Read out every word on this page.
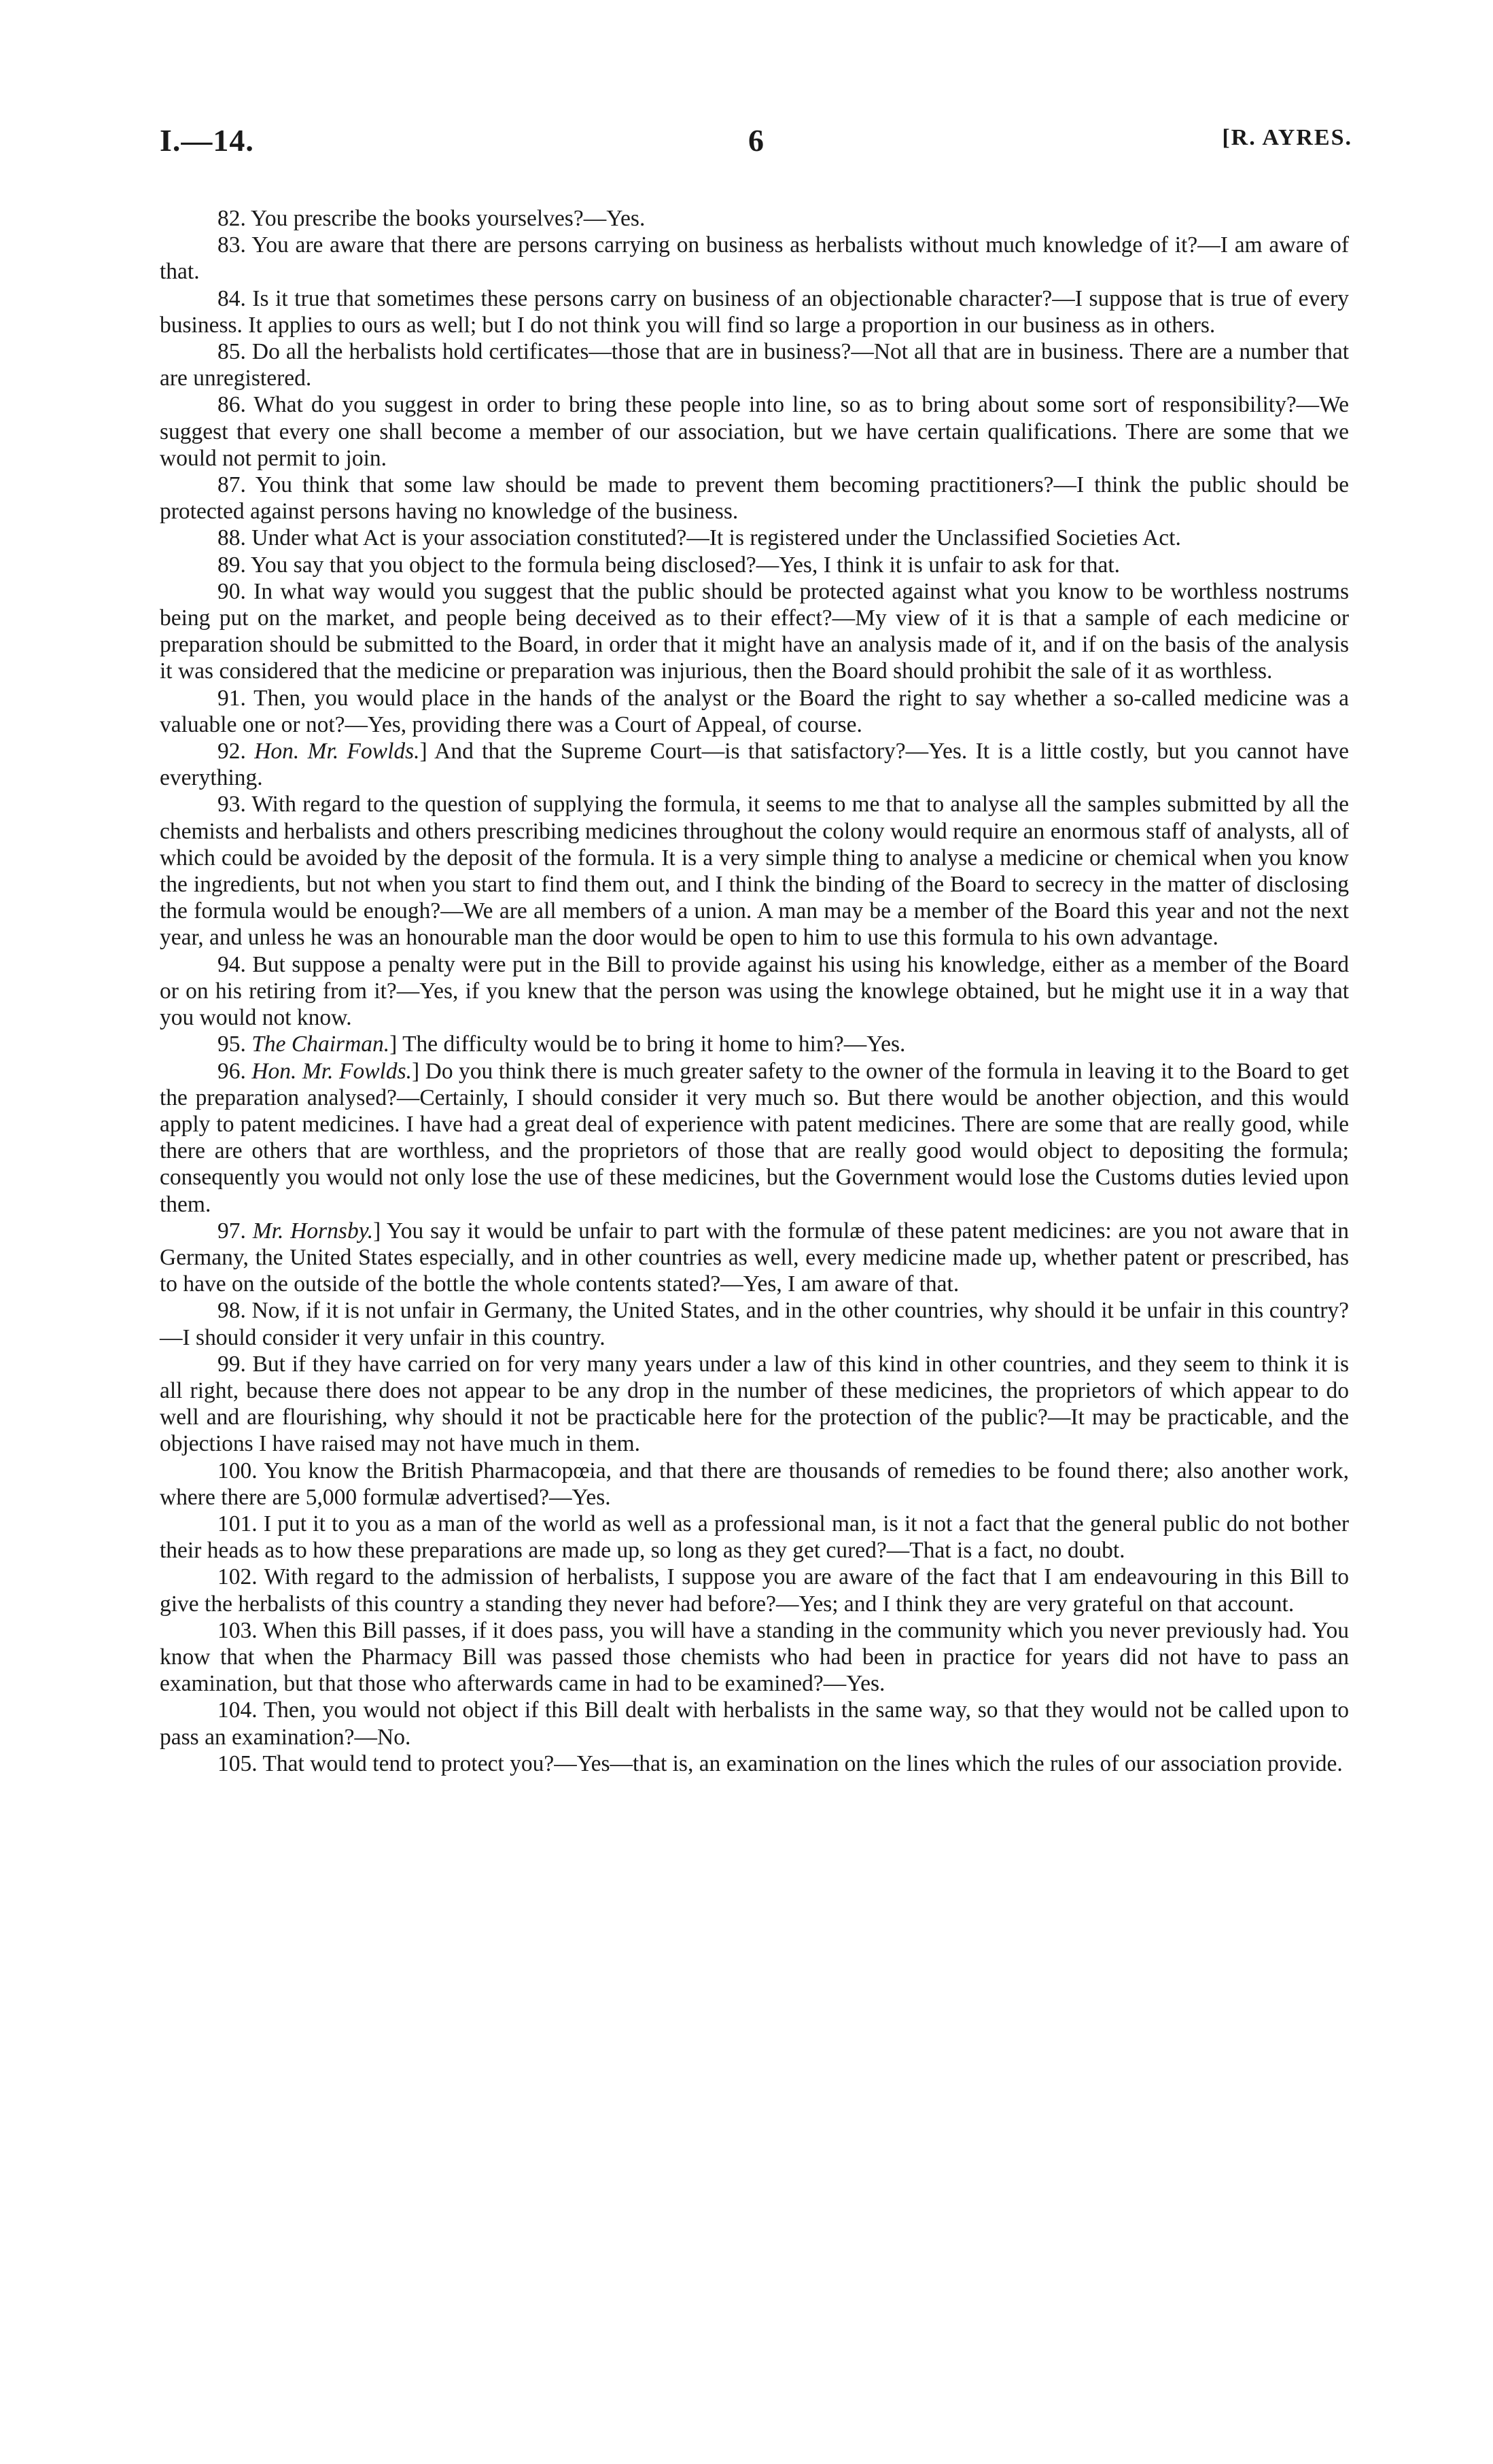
I.—14.	6	[R. AYRES.

82. You prescribe the books yourselves?—Yes.

83. You are aware that there are persons carrying on business as herbalists without much knowledge of it?—I am aware of that.

84. Is it true that sometimes these persons carry on business of an objectionable character?—I suppose that is true of every business. It applies to ours as well; but I do not think you will find so large a proportion in our business as in others.

85. Do all the herbalists hold certificates—those that are in business?—Not all that are in business. There are a number that are unregistered.

86. What do you suggest in order to bring these people into line, so as to bring about some sort of responsibility?—We suggest that every one shall become a member of our association, but we have certain qualifications. There are some that we would not permit to join.

87. You think that some law should be made to prevent them becoming practitioners?—I think the public should be protected against persons having no knowledge of the business.

88. Under what Act is your association constituted?—It is registered under the Unclassified Societies Act.

89. You say that you object to the formula being disclosed?—Yes, I think it is unfair to ask for that.

90. In what way would you suggest that the public should be protected against what you know to be worthless nostrums being put on the market, and people being deceived as to their effect?—My view of it is that a sample of each medicine or preparation should be submitted to the Board, in order that it might have an analysis made of it, and if on the basis of the analysis it was considered that the medicine or preparation was injurious, then the Board should prohibit the sale of it as worthless.

91. Then, you would place in the hands of the analyst or the Board the right to say whether a so-called medicine was a valuable one or not?—Yes, providing there was a Court of Appeal, of course.

92. Hon. Mr. Fowlds.] And that the Supreme Court—is that satisfactory?—Yes. It is a little costly, but you cannot have everything.

93. With regard to the question of supplying the formula, it seems to me that to analyse all the samples submitted by all the chemists and herbalists and others prescribing medicines throughout the colony would require an enormous staff of analysts, all of which could be avoided by the deposit of the formula. It is a very simple thing to analyse a medicine or chemical when you know the ingredients, but not when you start to find them out, and I think the binding of the Board to secrecy in the matter of disclosing the formula would be enough?—We are all members of a union. A man may be a member of the Board this year and not the next year, and unless he was an honourable man the door would be open to him to use this formula to his own advantage.

94. But suppose a penalty were put in the Bill to provide against his using his knowledge, either as a member of the Board or on his retiring from it?—Yes, if you knew that the person was using the knowlege obtained, but he might use it in a way that you would not know.

95. The Chairman.] The difficulty would be to bring it home to him?—Yes.

96. Hon. Mr. Fowlds.] Do you think there is much greater safety to the owner of the formula in leaving it to the Board to get the preparation analysed?—Certainly, I should consider it very much so. But there would be another objection, and this would apply to patent medicines. I have had a great deal of experience with patent medicines. There are some that are really good, while there are others that are worthless, and the proprietors of those that are really good would object to depositing the formula; consequently you would not only lose the use of these medicines, but the Government would lose the Customs duties levied upon them.

97. Mr. Hornsby.] You say it would be unfair to part with the formulæ of these patent medicines: are you not aware that in Germany, the United States especially, and in other countries as well, every medicine made up, whether patent or prescribed, has to have on the outside of the bottle the whole contents stated?—Yes, I am aware of that.

98. Now, if it is not unfair in Germany, the United States, and in the other countries, why should it be unfair in this country?—I should consider it very unfair in this country.

99. But if they have carried on for very many years under a law of this kind in other countries, and they seem to think it is all right, because there does not appear to be any drop in the number of these medicines, the proprietors of which appear to do well and are flourishing, why should it not be practicable here for the protection of the public?—It may be practicable, and the objections I have raised may not have much in them.

100. You know the British Pharmacopœia, and that there are thousands of remedies to be found there; also another work, where there are 5,000 formulæ advertised?—Yes.

101. I put it to you as a man of the world as well as a professional man, is it not a fact that the general public do not bother their heads as to how these preparations are made up, so long as they get cured?—That is a fact, no doubt.

102. With regard to the admission of herbalists, I suppose you are aware of the fact that I am endeavouring in this Bill to give the herbalists of this country a standing they never had before?—Yes; and I think they are very grateful on that account.

103. When this Bill passes, if it does pass, you will have a standing in the community which you never previously had. You know that when the Pharmacy Bill was passed those chemists who had been in practice for years did not have to pass an examination, but that those who afterwards came in had to be examined?—Yes.

104. Then, you would not object if this Bill dealt with herbalists in the same way, so that they would not be called upon to pass an examination?—No.

105. That would tend to protect you?—Yes—that is, an examination on the lines which the rules of our association provide.
